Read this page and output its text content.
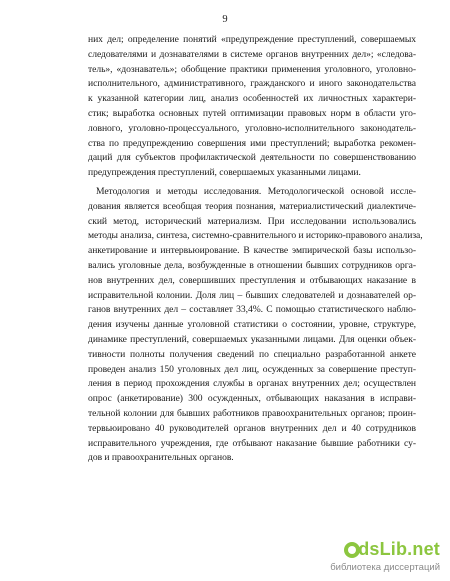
9
них дел; определение понятий «предупреждение преступлений, совершаемых
следователями и дознавателями в системе органов внутренних дел»; «следова-
тель», «дознаватель»; обобщение практики применения уголовного, уголовно-
исполнительного, административного, гражданского и иного законодательства
к указанной категории лиц, анализ особенностей их личностных характери-
стик; выработка основных путей оптимизации правовых норм в области уго-
ловного, уголовно-процессуального, уголовно-исполнительного законодатель-
ства по предупреждению совершения ими преступлений; выработка рекомен-
даций для субъектов профилактической деятельности по совершенствованию
предупреждения преступлений, совершаемых указанными лицами.
Методология и методы исследования. Методологической основой иссле-
дования является всеобщая теория познания, материалистический диалектиче-
ский метод, исторический материализм. При исследовании использовались
методы анализа, синтеза, системно-сравнительного и историко-правового анализа,
анкетирование и интервьюирование. В качестве эмпирической базы использо-
вались уголовные дела, возбужденные в отношении бывших сотрудников орга-
нов внутренних дел, совершивших преступления и отбывающих наказание в
исправительной колонии. Доля лиц – бывших следователей и дознавателей ор-
ганов внутренних дел – составляет 33,4%. С помощью статистического наблю-
дения изучены данные уголовной статистики о состоянии, уровне, структуре,
динамике преступлений, совершаемых указанными лицами. Для оценки объек-
тивности полноты получения сведений по специально разработанной анкете
проведен анализ 150 уголовных дел лиц, осужденных за совершение преступ-
ления в период прохождения службы в органах внутренних дел; осуществлен
опрос (анкетирование) 300 осужденных, отбывающих наказания в исправи-
тельной колонии для бывших работников правоохранительных органов; проин-
тервьюировано 40 руководителей органов внутренних дел и 40 сотрудников
исправительного учреждения, где отбывают наказание бывшие работники су-
дов и правоохранительных органов.
dsLib.net
библиотека диссертаций
